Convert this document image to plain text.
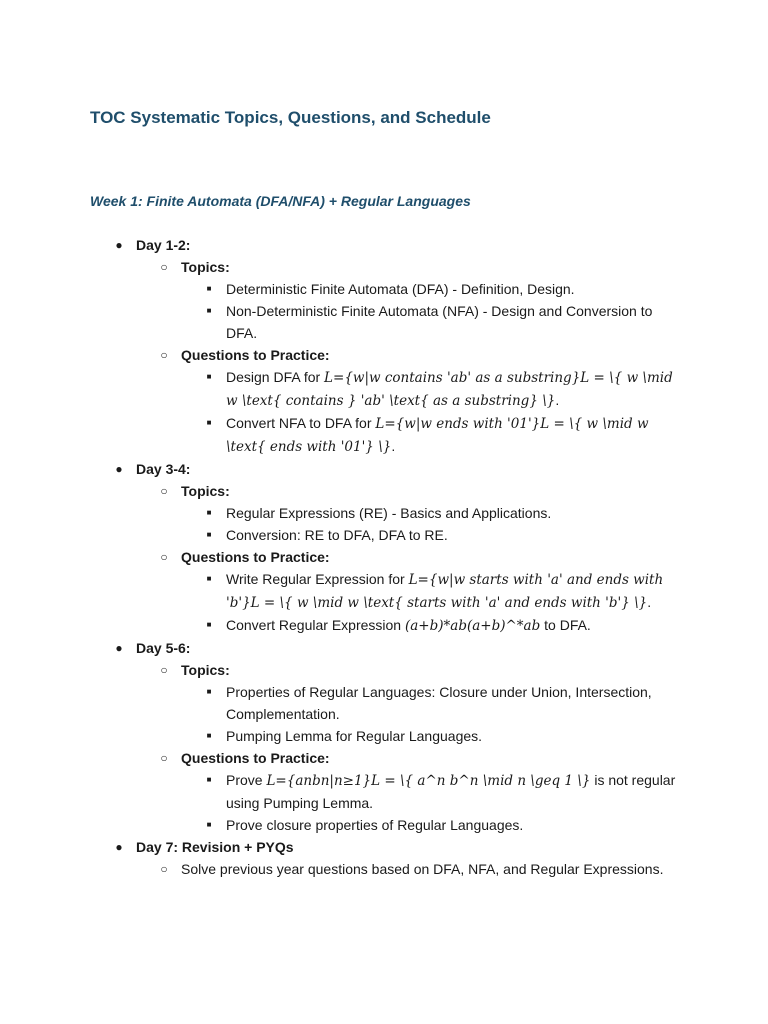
TOC Systematic Topics, Questions, and Schedule
Week 1: Finite Automata (DFA/NFA) + Regular Languages
● Day 1-2:
○ Topics:
■	Deterministic Finite Automata (DFA) - Definition, Design.
■	Non-Deterministic Finite Automata (NFA) - Design and Conversion to DFA.
○ Questions to Practice:
■	Design DFA for L={w|w contains 'ab' as a substring}L = \{ w \mid w \text{ contains } 'ab' \text{ as a substring} \}.
■	Convert NFA to DFA for L={w|w ends with '01'}L = \{ w \mid w \text{ ends with '01'} \}.
● Day 3-4:
○ Topics:
■	Regular Expressions (RE) - Basics and Applications.
■	Conversion: RE to DFA, DFA to RE.
○ Questions to Practice:
■	Write Regular Expression for L={w|w starts with 'a' and ends with 'b'}L = \{ w \mid w \text{ starts with 'a' and ends with 'b'} \}.
■	Convert Regular Expression (a+b)*ab(a+b)^*ab to DFA.
● Day 5-6:
○ Topics:
■	Properties of Regular Languages: Closure under Union, Intersection, Complementation.
■	Pumping Lemma for Regular Languages.
○ Questions to Practice:
■	Prove L={anbn|n≥1}L = \{ a^n b^n \mid n \geq 1 \} is not regular using Pumping Lemma.
■	Prove closure properties of Regular Languages.
● Day 7: Revision + PYQs
○ Solve previous year questions based on DFA, NFA, and Regular Expressions.
